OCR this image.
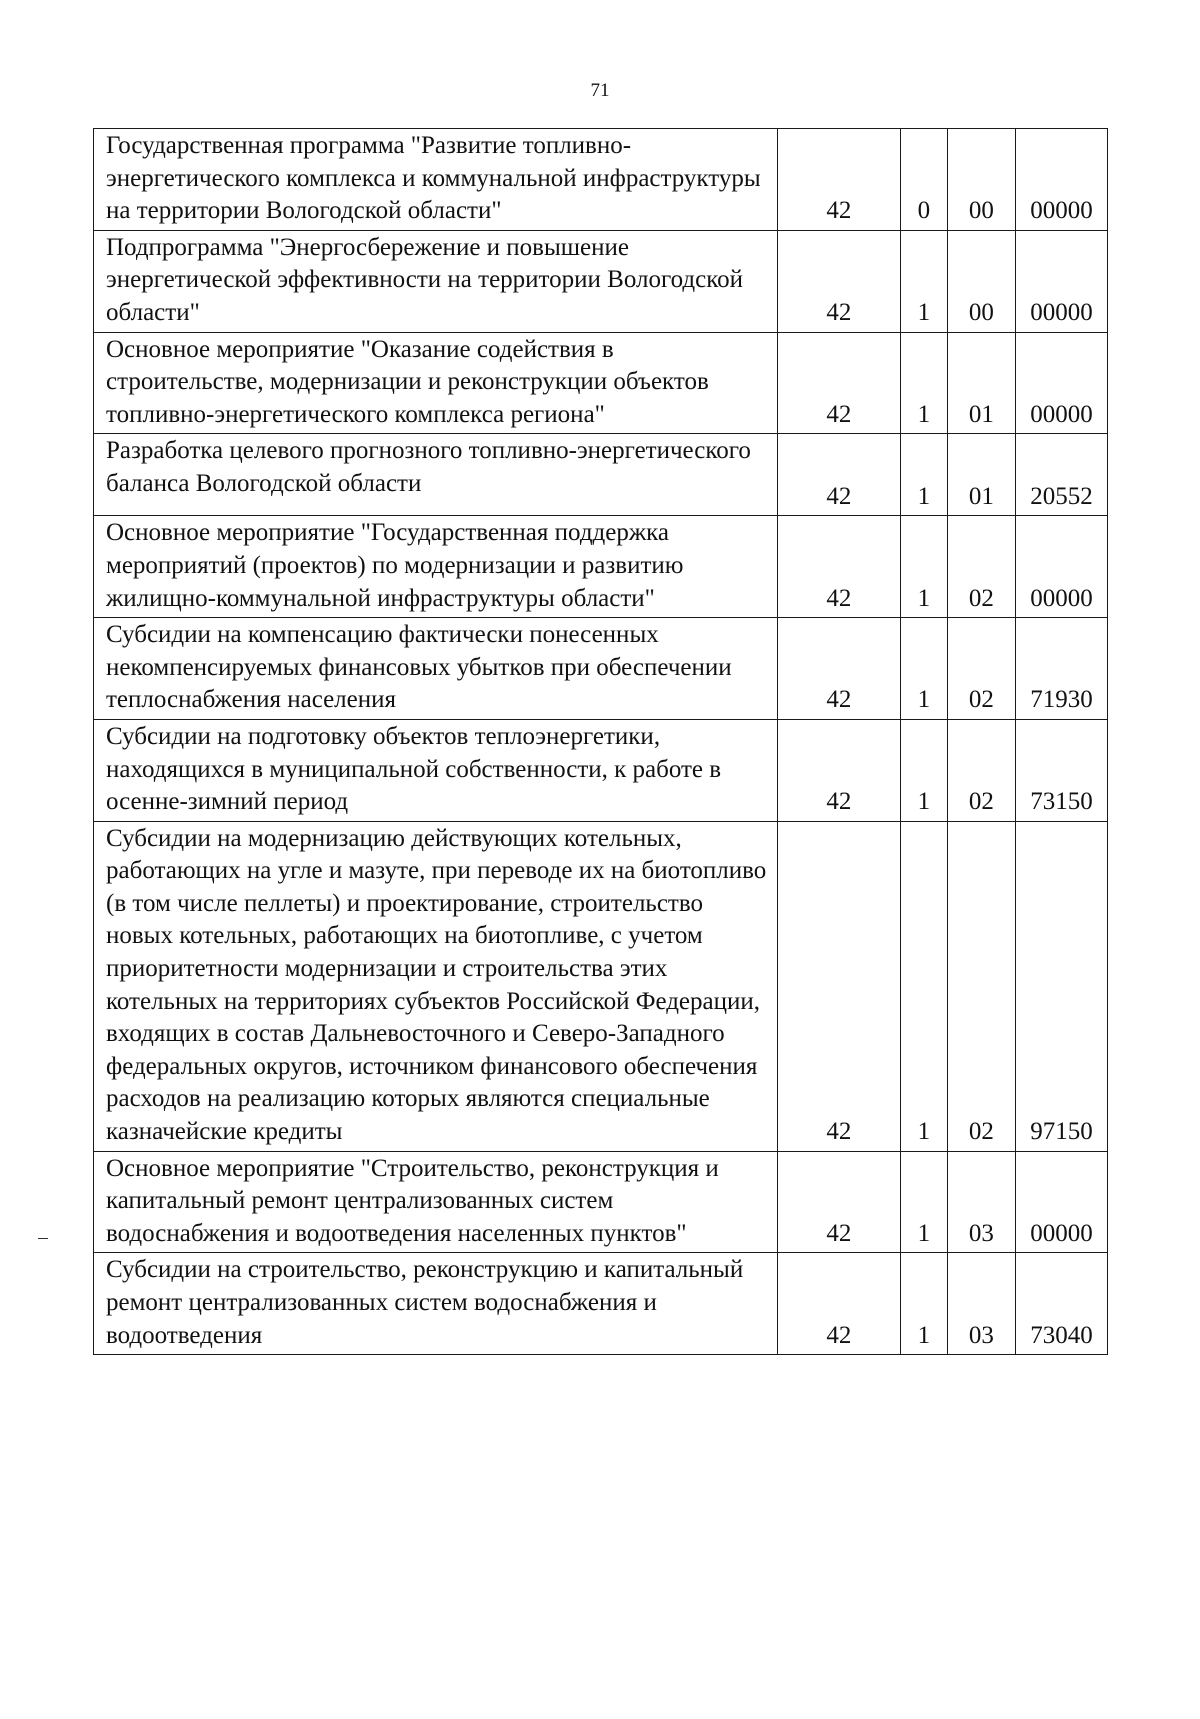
71
Государственная программа "Развитие топливно-энергетического комплекса и коммунальной инфраструктуры на территории Вологодской области"	42	0	00	00000
Подпрограмма "Энергосбережение и повышение энергетической эффективности на территории Вологодской области"	42	1	00	00000
Основное мероприятие "Оказание содействия в строительстве, модернизации и реконструкции объектов топливно-энергетического комплекса региона"	42	1	01	00000
Разработка целевого прогнозного топливно-энергетического баланса Вологодской области	42	1	01	20552
Основное мероприятие "Государственная поддержка мероприятий (проектов) по модернизации и развитию жилищно-коммунальной инфраструктуры области"	42	1	02	00000
Субсидии на компенсацию фактически понесенных некомпенсируемых финансовых убытков при обеспечении теплоснабжения населения	42	1	02	71930
Субсидии на подготовку объектов теплоэнергетики, находящихся в муниципальной собственности, к работе в осенне-зимний период	42	1	02	73150
Субсидии на модернизацию действующих котельных, работающих на угле и мазуте, при переводе их на биотопливо (в том числе пеллеты) и проектирование, строительство новых котельных, работающих на биотопливе, с учетом приоритетности модернизации и строительства этих котельных на территориях субъектов Российской Федерации, входящих в состав Дальневосточного и Северо-Западного федеральных округов, источником финансового обеспечения расходов на реализацию которых являются специальные казначейские кредиты	42	1	02	97150
Основное мероприятие "Строительство, реконструкция и капитальный ремонт централизованных систем водоснабжения и водоотведения населенных пунктов"	42	1	03	00000
Субсидии на строительство, реконструкцию и капитальный ремонт централизованных систем водоснабжения и водоотведения	42	1	03	73040
